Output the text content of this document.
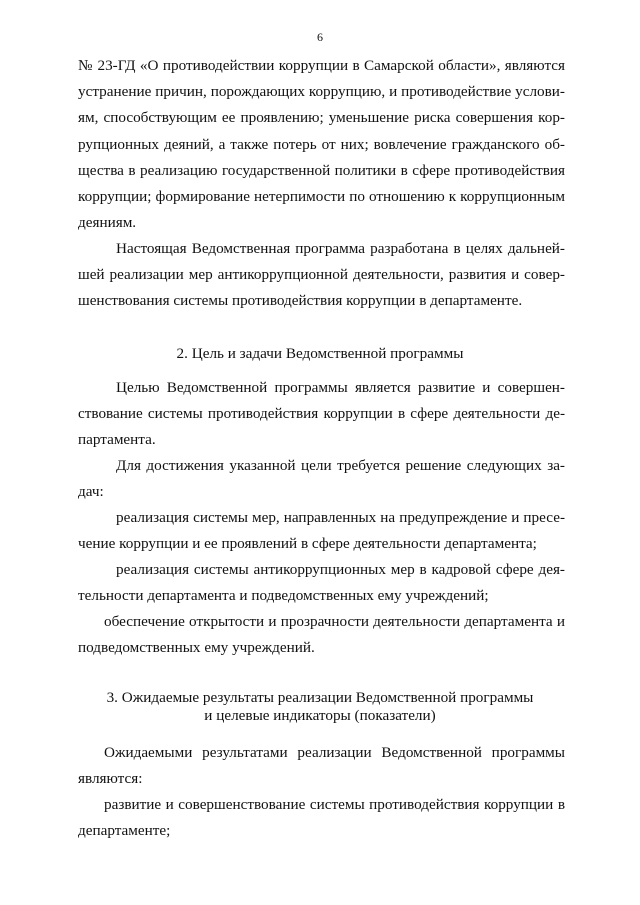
6
№ 23-ГД «О противодействии коррупции в Самарской области», являются
устранение причин, порождающих коррупцию, и противодействие услови-
ям, способствующим ее проявлению; уменьшение риска совершения кор-
рупционных деяний, а также потерь от них; вовлечение гражданского об-
щества в реализацию государственной политики в сфере противодействия
коррупции; формирование нетерпимости по отношению к коррупционным
деяниям.
Настоящая Ведомственная программа разработана в целях дальней-
шей реализации мер антикоррупционной деятельности, развития и совер-
шенствования системы противодействия коррупции в департаменте.
2. Цель и задачи Ведомственной программы
Целью Ведомственной программы является развитие и совершен-
ствование системы противодействия коррупции в сфере деятельности де-
партамента.
Для достижения указанной цели требуется решение следующих за-
дач:
реализация системы мер, направленных на предупреждение и пресе-
чение коррупции и ее проявлений в сфере деятельности департамента;
реализация системы антикоррупционных мер в кадровой сфере дея-
тельности департамента и подведомственных ему учреждений;
обеспечение открытости и прозрачности деятельности департамента и
подведомственных ему учреждений.
3. Ожидаемые результаты реализации Ведомственной программы
и целевые индикаторы (показатели)
Ожидаемыми результатами реализации Ведомственной программы
являются:
развитие и совершенствование системы противодействия коррупции в
департаменте;
